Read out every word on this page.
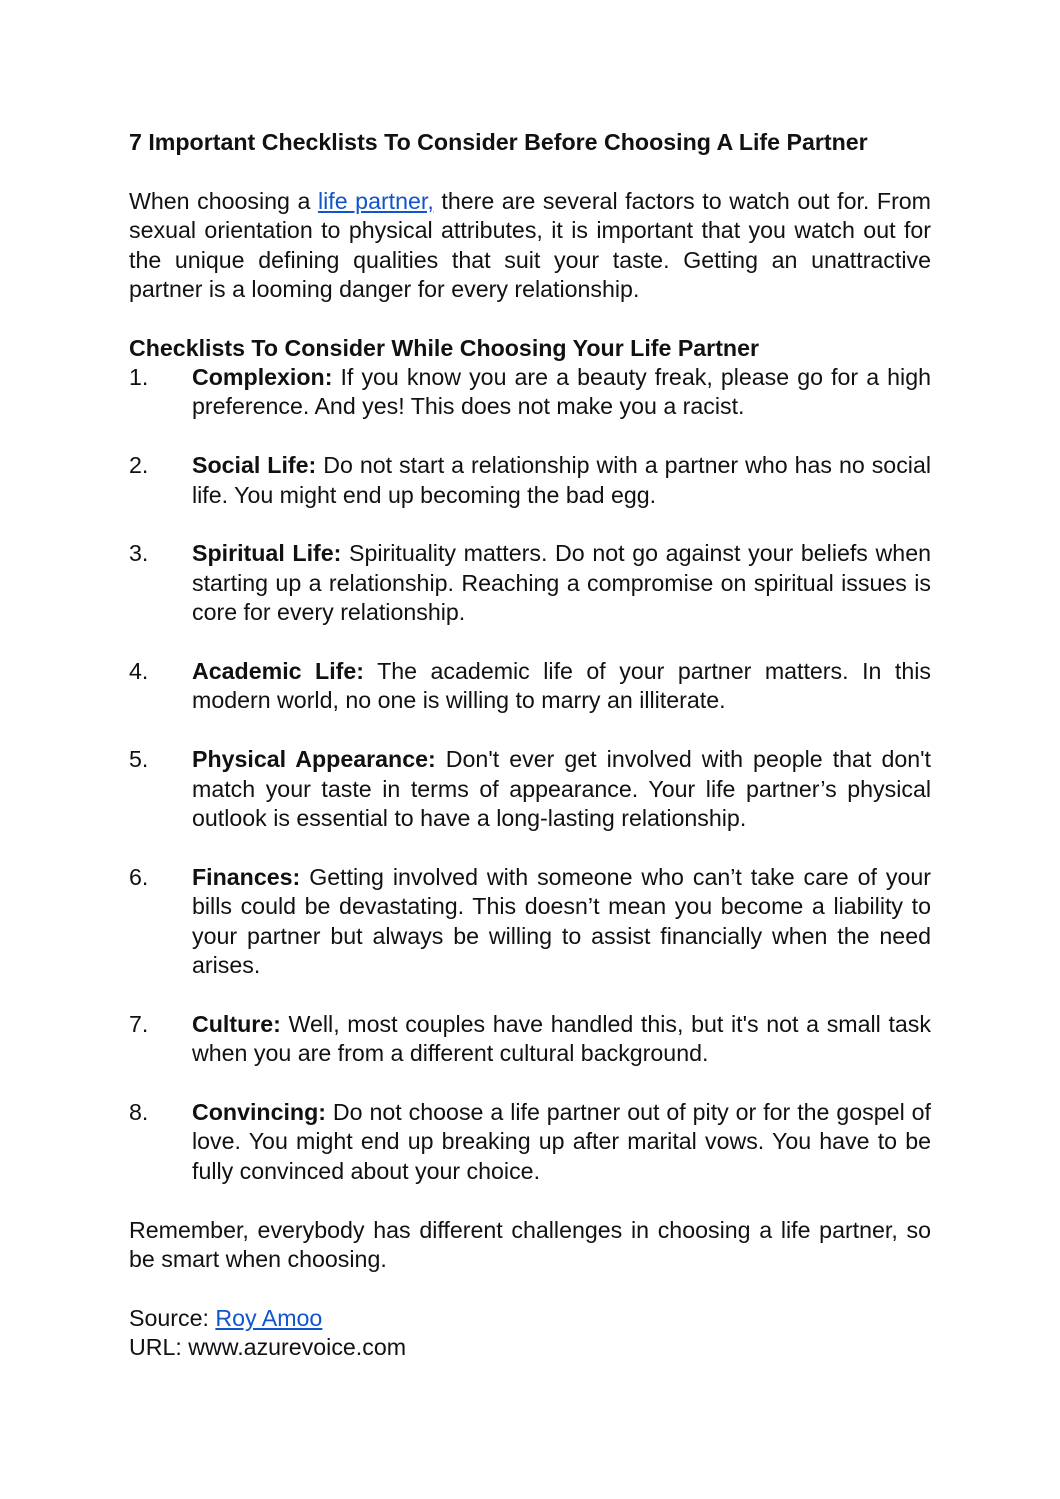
7 Important Checklists To Consider Before Choosing A Life Partner

When choosing a life partner, there are several factors to watch out for. From sexual orientation to physical attributes, it is important that you watch out for the unique defining qualities that suit your taste. Getting an unattractive partner is a looming danger for every relationship.

Checklists To Consider While Choosing Your Life Partner

1. Complexion: If you know you are a beauty freak, please go for a high preference. And yes! This does not make you a racist.
2. Social Life: Do not start a relationship with a partner who has no social life. You might end up becoming the bad egg.
3. Spiritual Life: Spirituality matters. Do not go against your beliefs when starting up a relationship. Reaching a compromise on spiritual issues is core for every relationship.
4. Academic Life: The academic life of your partner matters. In this modern world, no one is willing to marry an illiterate.
5. Physical Appearance: Don't ever get involved with people that don't match your taste in terms of appearance. Your life partner’s physical outlook is essential to have a long-lasting relationship.
6. Finances: Getting involved with someone who can’t take care of your bills could be devastating. This doesn’t mean you become a liability to your partner but always be willing to assist financially when the need arises.
7. Culture: Well, most couples have handled this, but it's not a small task when you are from a different cultural background.
8. Convincing: Do not choose a life partner out of pity or for the gospel of love. You might end up breaking up after marital vows. You have to be fully convinced about your choice.

Remember, everybody has different challenges in choosing a life partner, so be smart when choosing.

Source: Roy Amoo
URL: www.azurevoice.com
